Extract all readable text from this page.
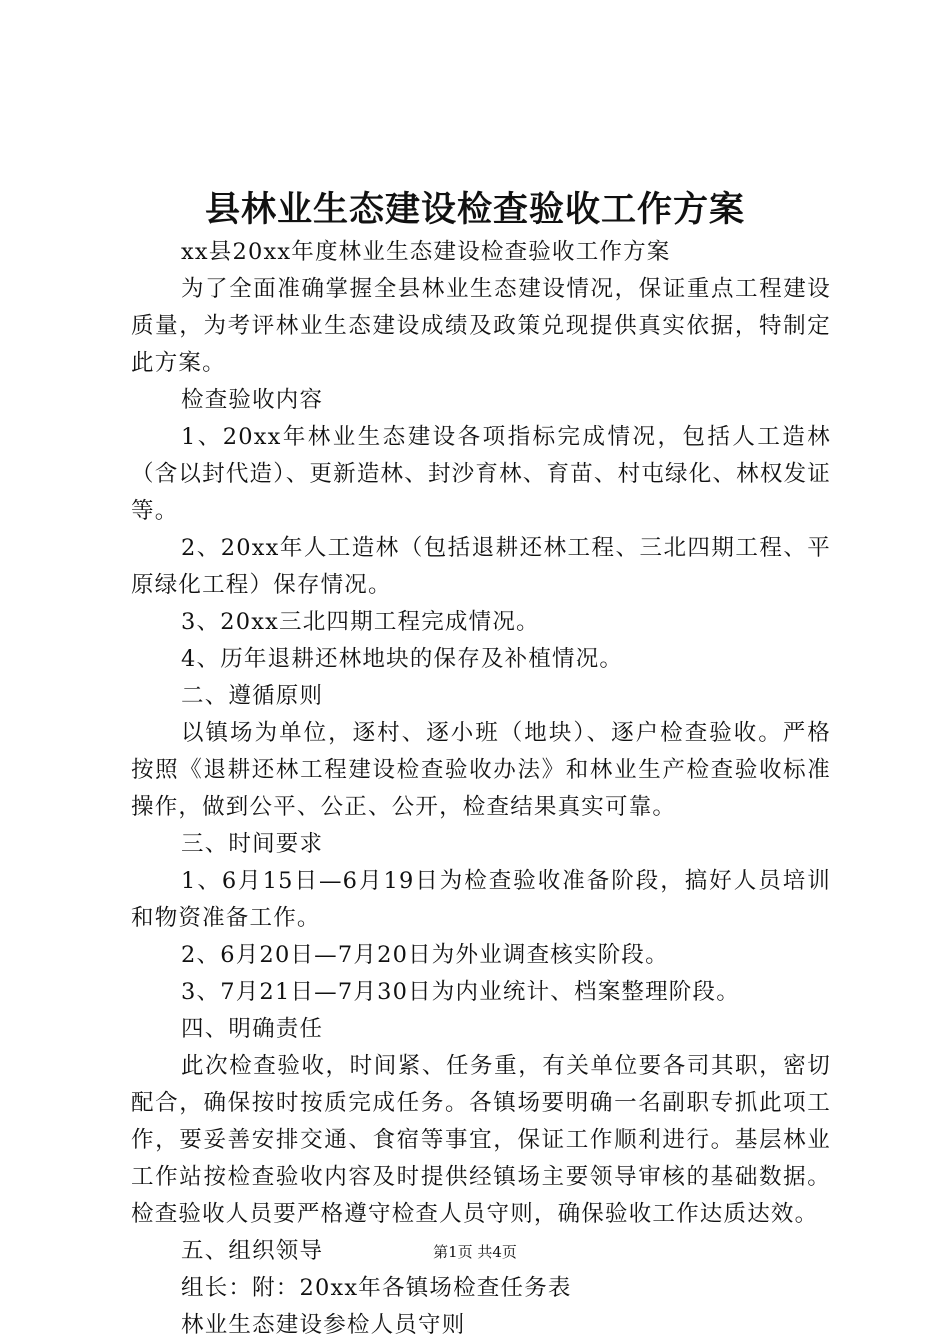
县林业生态建设检查验收工作方案

xx县20xx年度林业生态建设检查验收工作方案

为了全面准确掌握全县林业生态建设情况，保证重点工程建设质量，为考评林业生态建设成绩及政策兑现提供真实依据，特制定此方案。

检查验收内容

1、20xx年林业生态建设各项指标完成情况，包括人工造林（含以封代造）、更新造林、封沙育林、育苗、村屯绿化、林权发证等。

2、20xx年人工造林（包括退耕还林工程、三北四期工程、平原绿化工程）保存情况。

3、20xx三北四期工程完成情况。

4、历年退耕还林地块的保存及补植情况。

二、遵循原则

以镇场为单位，逐村、逐小班（地块）、逐户检查验收。严格按照《退耕还林工程建设检查验收办法》和林业生产检查验收标准操作，做到公平、公正、公开，检查结果真实可靠。

三、时间要求

1、6月15日—6月19日为检查验收准备阶段，搞好人员培训和物资准备工作。

2、6月20日—7月20日为外业调查核实阶段。

3、7月21日—7月30日为内业统计、档案整理阶段。

四、明确责任

此次检查验收，时间紧、任务重，有关单位要各司其职，密切配合，确保按时按质完成任务。各镇场要明确一名副职专抓此项工作，要妥善安排交通、食宿等事宜，保证工作顺利进行。基层林业工作站按检查验收内容及时提供经镇场主要领导审核的基础数据。检查验收人员要严格遵守检查人员守则，确保验收工作达质达效。

五、组织领导

组长：附：20xx年各镇场检查任务表

林业生态建设参检人员守则

第1页 共4页
